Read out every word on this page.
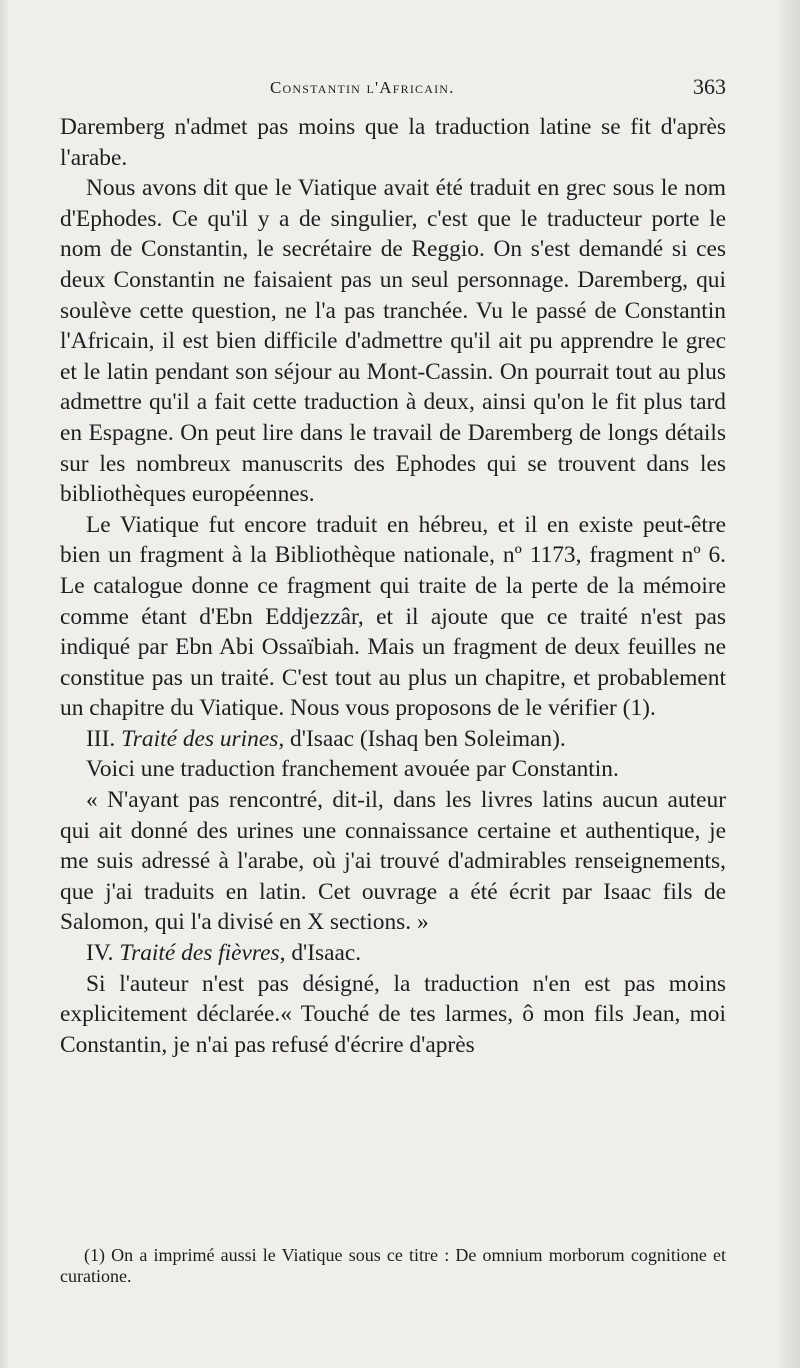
Constantin l'Africain.	363

Daremberg n'admet pas moins que la traduction latine se fit d'après l'arabe.

Nous avons dit que le Viatique avait été traduit en grec sous le nom d'Ephodes. Ce qu'il y a de singulier, c'est que le traducteur porte le nom de Constantin, le secrétaire de Reggio. On s'est demandé si ces deux Constantin ne faisaient pas un seul personnage. Daremberg, qui soulève cette question, ne l'a pas tranchée. Vu le passé de Constantin l'Africain, il est bien difficile d'admettre qu'il ait pu apprendre le grec et le latin pendant son séjour au Mont-Cassin. On pourrait tout au plus admettre qu'il a fait cette traduction à deux, ainsi qu'on le fit plus tard en Espagne. On peut lire dans le travail de Daremberg de longs détails sur les nombreux manuscrits des Ephodes qui se trouvent dans les bibliothèques européennes.

Le Viatique fut encore traduit en hébreu, et il en existe peut-être bien un fragment à la Bibliothèque nationale, nº 1173, fragment nº 6. Le catalogue donne ce fragment qui traite de la perte de la mémoire comme étant d'Ebn Eddjezzâr, et il ajoute que ce traité n'est pas indiqué par Ebn Abi Ossaïbiah. Mais un fragment de deux feuilles ne constitue pas un traité. C'est tout au plus un chapitre, et probablement un chapitre du Viatique. Nous vous proposons de le vérifier (1).

III. Traité des urines, d'Isaac (Ishaq ben Soleiman).

Voici une traduction franchement avouée par Constantin.

« N'ayant pas rencontré, dit-il, dans les livres latins aucun auteur qui ait donné des urines une connaissance certaine et authentique, je me suis adressé à l'arabe, où j'ai trouvé d'admirables renseignements, que j'ai traduits en latin. Cet ouvrage a été écrit par Isaac fils de Salomon, qui l'a divisé en X sections. »

IV. Traité des fièvres, d'Isaac.

Si l'auteur n'est pas désigné, la traduction n'en est pas moins explicitement déclarée.« Touché de tes larmes, ô mon fils Jean, moi Constantin, je n'ai pas refusé d'écrire d'après

(1) On a imprimé aussi le Viatique sous ce titre : De omnium morborum cognitione et curatione.
